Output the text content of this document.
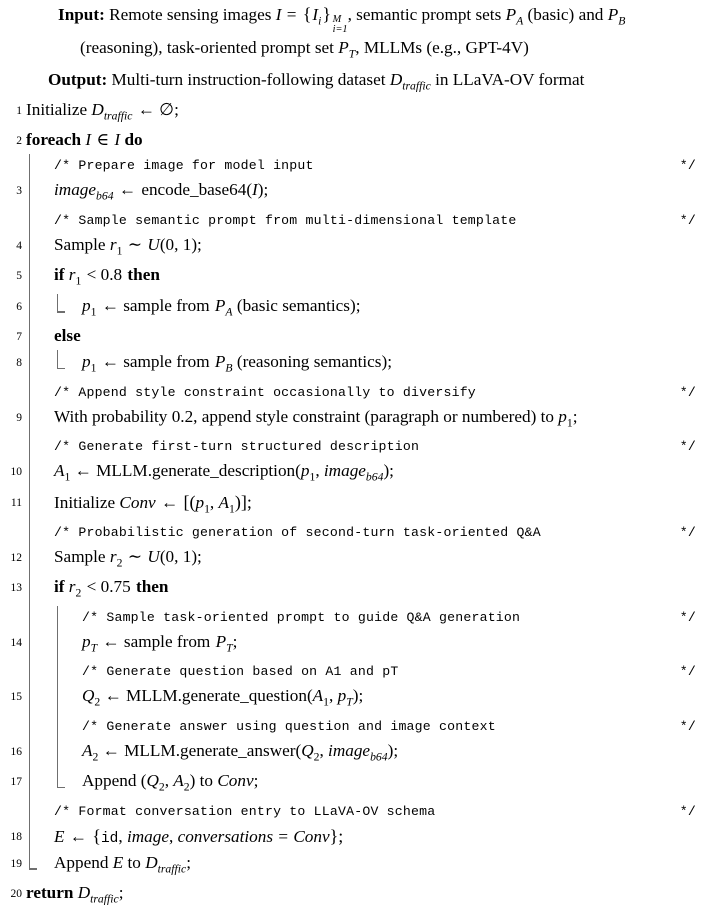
Input: Remote sensing images $I = \{I_i\}$ M
i=1
, semantic prompt sets $P_A$ (basic) and $P_B$
(reasoning), task-oriented prompt set $P_T$, MLLMs (e.g., GPT-4V)
Output: Multi-turn instruction-following dataset $D_{traffic}$ in LLaVA-OV format
1 Initialize $D_{traffic}$ ← ∅;
2 foreach I ∈ I do
/* Prepare image for model input	*/
3 image$_{b64}$ ← encode_base64(I);
/* Sample semantic prompt from multi-dimensional template	*/
4 Sample $r_1$ ∼ U(0, 1);
5 if $r_1 < 0.8$ then
6	$p_1$ ← sample from $P_A$ (basic semantics);
7 else
8	$p_1$ ← sample from $P_B$ (reasoning semantics);
/* Append style constraint occasionally to diversify	*/
9 With probability 0.2, append style constraint (paragraph or numbered) to $p_1$;
/* Generate first-turn structured description	*/
10 $A_1$ ← $MLLM.generate\_description(p_1$, image$_{b64}$);
11 Initialize Conv ← [($p_1$, $A_1$)];
/* Probabilistic generation of second-turn task-oriented Q&A	*/
12 Sample $r_2$ ∼ U(0, 1);
13 if $r_2 < 0.75$ then
/* Sample task-oriented prompt to guide Q&A generation	*/
14	$p_T$ ← sample from $P_T$;
/* Generate question based on A1 and pT	*/
15	$Q_2$ ← $MLLM.generate\_question(A_1$, $p_T$);
/* Generate answer using question and image context	*/
16	$A_2$ ← $MLLM.generate\_answer(Q_2$, image$_{b64}$);
17	Append ($Q_2$, $A_2$) to Conv;
/* Format conversation entry to LLaVA-OV schema	*/
18 E ← {id, image, conversations = Conv};
19 Append E to $D_{traffic}$;
20 return $D_{traffic}$;
